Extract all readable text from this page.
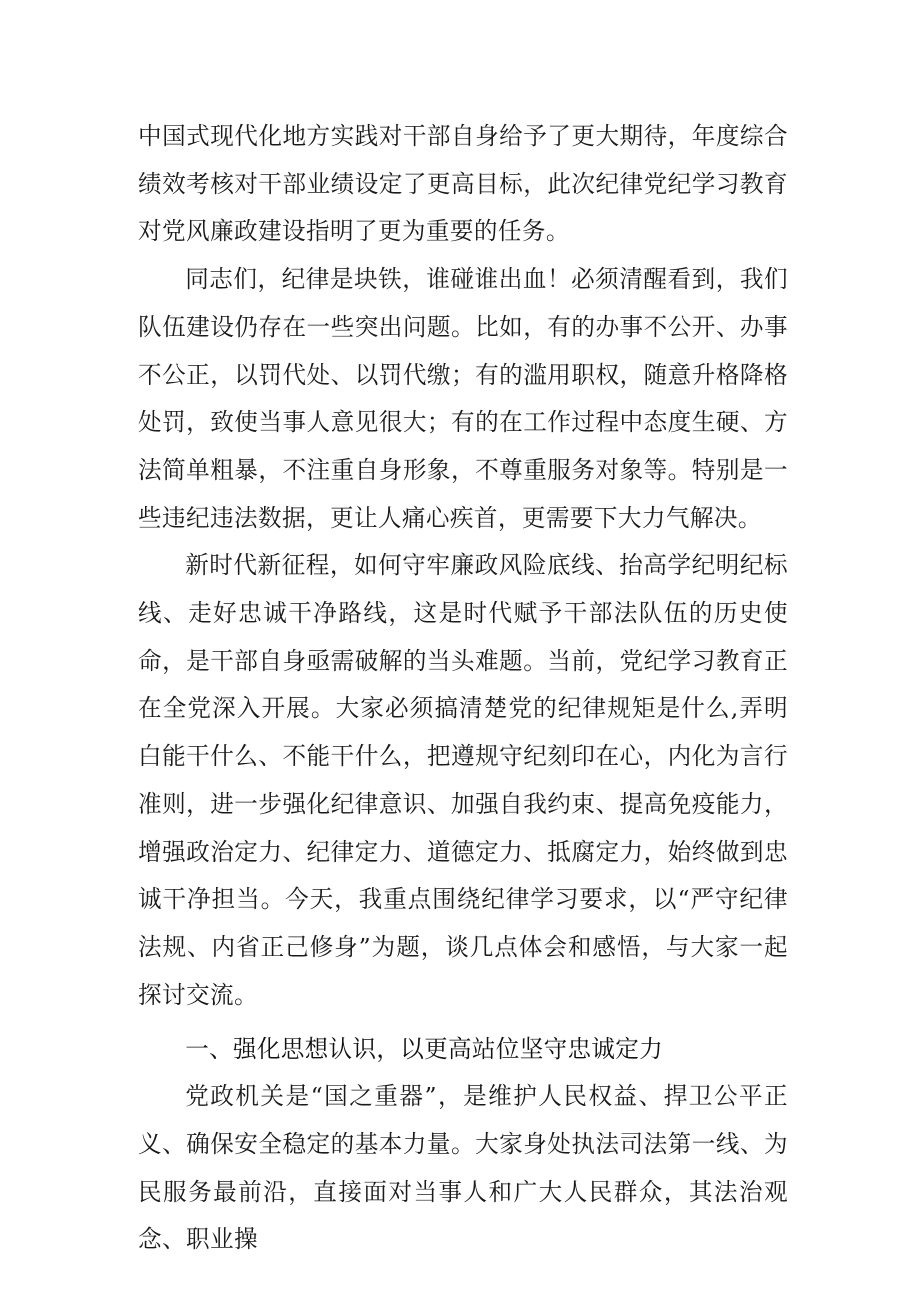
中国式现代化地方实践对干部自身给予了更大期待，年度综合绩效考核对干部业绩设定了更高目标，此次纪律党纪学习教育对党风廉政建设指明了更为重要的任务。

同志们，纪律是块铁，谁碰谁出血！必须清醒看到，我们队伍建设仍存在一些突出问题。比如，有的办事不公开、办事不公正，以罚代处、以罚代缴；有的滥用职权，随意升格降格处罚，致使当事人意见很大；有的在工作过程中态度生硬、方法简单粗暴，不注重自身形象，不尊重服务对象等。特别是一些违纪违法数据，更让人痛心疾首，更需要下大力气解决。

新时代新征程，如何守牢廉政风险底线、抬高学纪明纪标线、走好忠诚干净路线，这是时代赋予干部法队伍的历史使命，是干部自身亟需破解的当头难题。当前，党纪学习教育正在全党深入开展。大家必须搞清楚党的纪律规矩是什么,弄明白能干什么、不能干什么，把遵规守纪刻印在心，内化为言行准则，进一步强化纪律意识、加强自我约束、提高免疫能力，增强政治定力、纪律定力、道德定力、抵腐定力，始终做到忠诚干净担当。今天，我重点围绕纪律学习要求，以“严守纪律法规、内省正己修身”为题，谈几点体会和感悟，与大家一起探讨交流。

一、强化思想认识，以更高站位坚守忠诚定力

党政机关是“国之重器”，是维护人民权益、捍卫公平正义、确保安全稳定的基本力量。大家身处执法司法第一线、为民服务最前沿，直接面对当事人和广大人民群众，其法治观念、职业操
